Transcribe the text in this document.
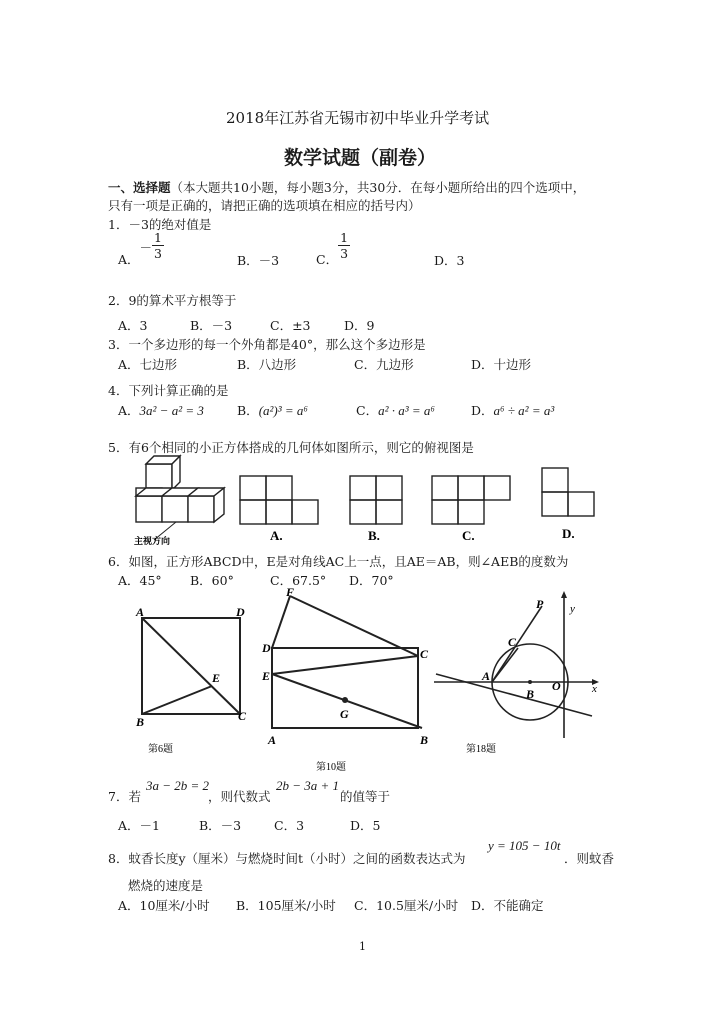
2018年江苏省无锡市初中毕业升学考试
数学试题（副卷）
一、选择题（本大题共10小题，每小题3分，共30分．在每小题所给出的四个选项中，
只有一项是正确的，请把正确的选项填在相应的括号内）
1．－3的绝对值是
A．－ $\frac{1}{3}$	B．－3	C． $\frac{1}{3}$	D．3
2．9的算术平方根等于
A．3	B．－3	C．±3	D．9
3．一个多边形的每一个外角都是40°，那么这个多边形是
A．七边形	B．八边形	C．九边形	D．十边形
4．下列计算正确的是
A．3a² − a² = 3	B．(a²)³ = a⁶	C．a² · a³ = a⁶	D．a⁶ ÷ a² = a³
5．有6个相同的小正方体搭成的几何体如图所示，则它的俯视图是
主视方向	A.	B.	C.	D.
6．如图，正方形ABCD中，E是对角线AC上一点，且AE＝AB，则∠AEB的度数为
A．45° B．60°	C．67.5° D．70°
A	D
E
B	C
第6题
F
D	C
E
G
A	B
第10题
P y
C
A
B
O	x
第18题
7．若
3a − 2b = 2
，则代数式
2b − 3a + 1
的值等于
A．－1	B．－3	C．3	D．5
8．蚊香长度y（厘米）与燃烧时间t（小时）之间的函数表达式为
y = 105 − 10t
．则蚊香
燃烧的速度是
A．10厘米/小时 B．105厘米/小时 C．10.5厘米/小时 D．不能确定
1
